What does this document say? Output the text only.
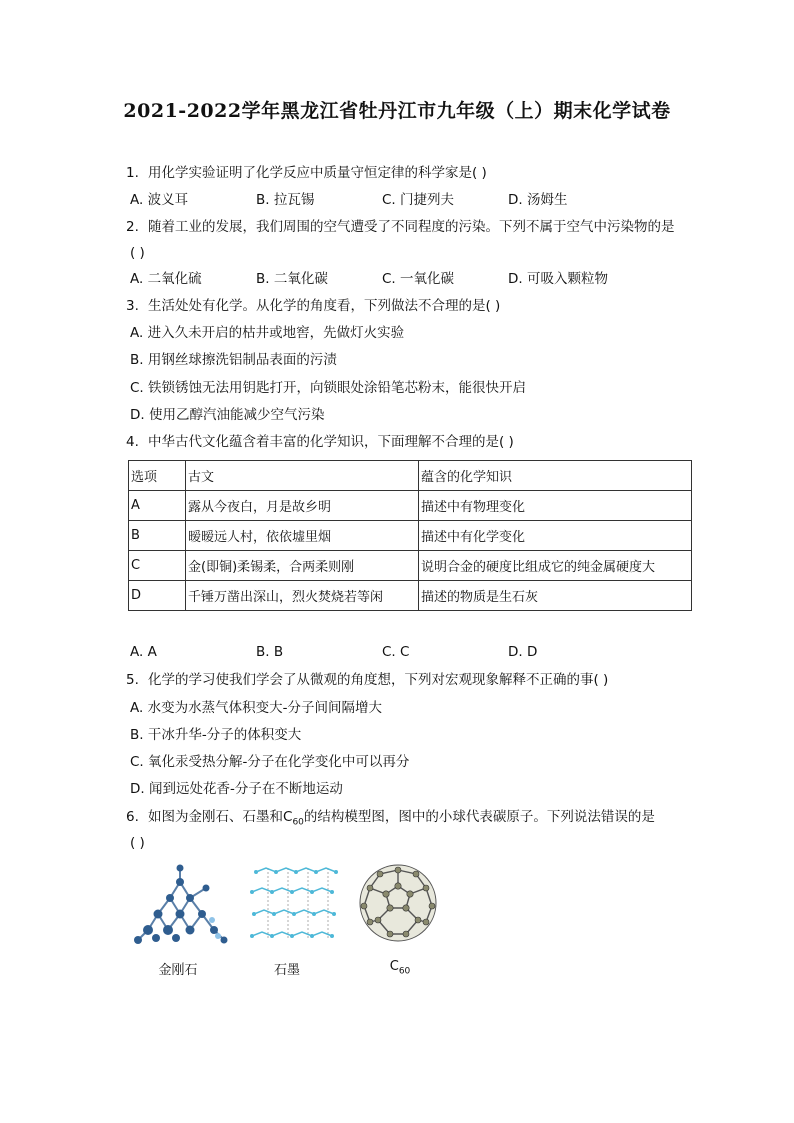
2021-2022学年黑龙江省牡丹江市九年级（上）期末化学试卷
1. 用化学实验证明了化学反应中质量守恒定律的科学家是( )
A. 波义耳	B. 拉瓦锡	C. 门捷列夫	D. 汤姆生
2. 随着工业的发展，我们周围的空气遭受了不同程度的污染。下列不属于空气中污染物的是
( )
A. 二氧化硫	B. 二氧化碳	C. 一氧化碳	D. 可吸入颗粒物
3. 生活处处有化学。从化学的角度看，下列做法不合理的是( )
A. 进入久未开启的枯井或地窖，先做灯火实验
B. 用钢丝球擦洗铝制品表面的污渍
C. 铁锁锈蚀无法用钥匙打开，向锁眼处涂铅笔芯粉末，能很快开启
D. 使用乙醇汽油能减少空气污染
4. 中华古代文化蕴含着丰富的化学知识，下面理解不合理的是( )
选项	古文	蕴含的化学知识
A	露从今夜白，月是故乡明	描述中有物理变化
B	暧暧远人村，依依墟里烟	描述中有化学变化
C	金(即铜)柔锡柔，合两柔则刚	说明合金的硬度比组成它的纯金属硬度大
D	千锤万凿出深山，烈火焚烧若等闲	描述的物质是生石灰
A. A	B. B	C. C	D. D
5. 化学的学习使我们学会了从微观的角度想，下列对宏观现象解释不正确的事( )
A. 水变为水蒸气体积变大-分子间间隔增大
B. 干冰升华-分子的体积变大
C. 氧化汞受热分解-分子在化学变化中可以再分
D. 闻到远处花香-分子在不断地运动
6. 如图为金刚石、石墨和$C_{60}$的结构模型图，图中的小球代表碳原子。下列说法错误的是
( )
金刚石	石墨	$C_{60}$
